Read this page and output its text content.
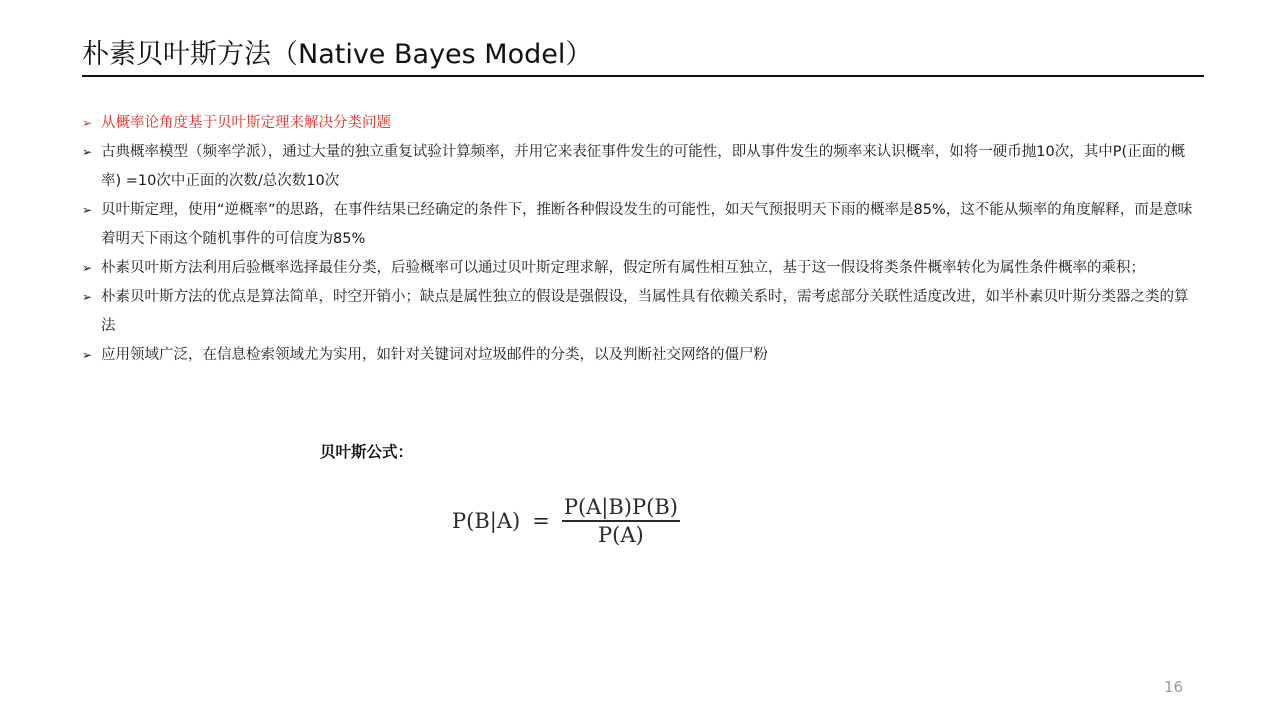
朴素贝叶斯方法（Native Bayes Model）
➢ 从概率论角度基于贝叶斯定理来解决分类问题
➢ 古典概率模型（频率学派），通过大量的独立重复试验计算频率，并用它来表征事件发生的可能性，即从事件发生的频率来认识概率，如将一硬币抛10次，其中P(正面的概率) =10次中正面的次数/总次数10次
➢ 贝叶斯定理，使用“逆概率”的思路，在事件结果已经确定的条件下，推断各种假设发生的可能性，如天气预报明天下雨的概率是85%，这不能从频率的角度解释，而是意味着明天下雨这个随机事件的可信度为85%
➢ 朴素贝叶斯方法利用后验概率选择最佳分类，后验概率可以通过贝叶斯定理求解，假定所有属性相互独立，基于这一假设将类条件概率转化为属性条件概率的乘积；
➢ 朴素贝叶斯方法的优点是算法简单，时空开销小；缺点是属性独立的假设是强假设，当属性具有依赖关系时，需考虑部分关联性适度改进，如半朴素贝叶斯分类器之类的算法
➢ 应用领域广泛，在信息检索领域尤为实用，如针对关键词对垃圾邮件的分类，以及判断社交网络的僵尸粉
贝叶斯公式：
$P(B|A) = \frac{P(A|B)P(B)}{P(A)}$
16
